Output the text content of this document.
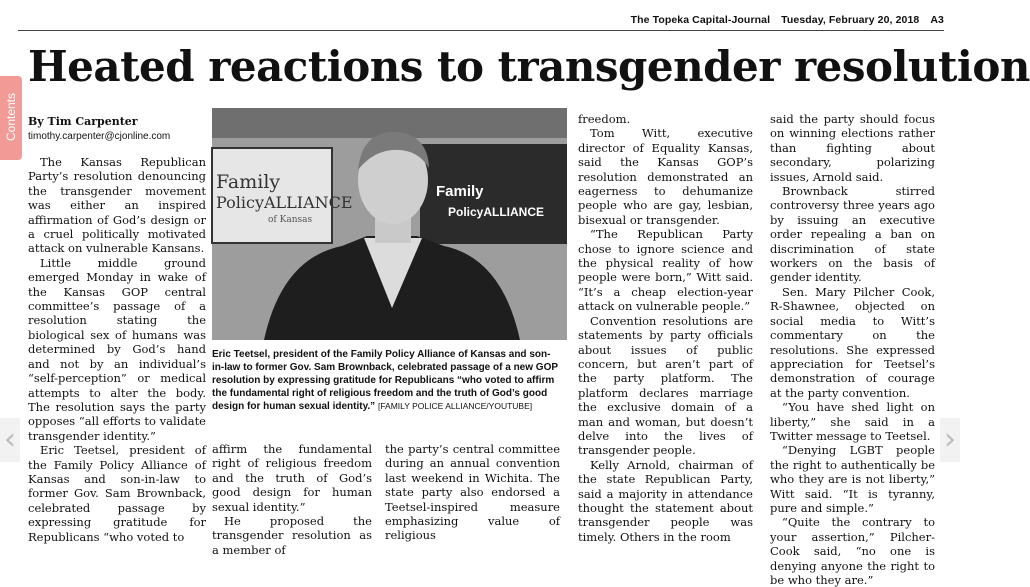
The Topeka Capital-Journal Tuesday, February 20, 2018 A3
Contents
Heated reactions to transgender resolution
By Tim Carpenter
timothy.carpenter@cjonline.com

The Kansas Republican Party’s resolution denouncing the transgender movement was either an inspired affirmation of God’s design or a cruel politically motivated attack on vulnerable Kansans.

Little middle ground emerged Monday in wake of the Kansas GOP central committee’s passage of a resolution stating the biological sex of humans was determined by God’s hand and not by an individual’s “self-perception” or medical attempts to alter the body. The resolution says the party opposes “all efforts to validate transgender identity.”

Eric Teetsel, president of the Family Policy Alliance of Kansas and son-in-law to former Gov. Sam Brownback, celebrated passage by expressing gratitude for Republicans “who voted to

Family
PolicyALLIANCE
of Kansas
Family
PolicyALLIANCE
Eric Teetsel, president of the Family Policy Alliance of Kansas and son-in-law to former Gov. Sam Brownback, celebrated passage of a new GOP resolution by expressing gratitude for Republicans “who voted to affirm the fundamental right of religious freedom and the truth of God’s good design for human sexual identity.” [FAMILY POLICE ALLIANCE/YOUTUBE]

affirm the fundamental right of religious freedom and the truth of God’s good design for human sexual identity.”

He proposed the transgender resolution as a member of

the party’s central committee during an annual convention last weekend in Wichita. The state party also endorsed a Teetsel-inspired measure emphasizing value of religious

freedom.

Tom Witt, executive director of Equality Kansas, said the Kansas GOP’s resolution demonstrated an eagerness to dehumanize people who are gay, lesbian, bisexual or transgender.

“The Republican Party chose to ignore science and the physical reality of how people were born,” Witt said. “It’s a cheap election-year attack on vulnerable people.”

Convention resolutions are statements by party officials about issues of public concern, but aren’t part of the party platform. The platform declares marriage the exclusive domain of a man and woman, but doesn’t delve into the lives of transgender people.

Kelly Arnold, chairman of the state Republican Party, said a majority in attendance thought the statement about transgender people was timely. Others in the room

said the party should focus on winning elections rather than fighting about secondary, polarizing issues, Arnold said.

Brownback stirred controversy three years ago by issuing an executive order repealing a ban on discrimination of state workers on the basis of gender identity.

Sen. Mary Pilcher Cook, R-Shawnee, objected on social media to Witt’s commentary on the resolutions. She expressed appreciation for Teetsel’s demonstration of courage at the party convention.

“You have shed light on liberty,” she said in a Twitter message to Teetsel.

“Denying LGBT people the right to authentically be who they are is not liberty,” Witt said. “It is tyranny, pure and simple.”

“Quite the contrary to your assertion,” Pilcher-Cook said, “no one is denying anyone the right to be who they are.”

‹	›
